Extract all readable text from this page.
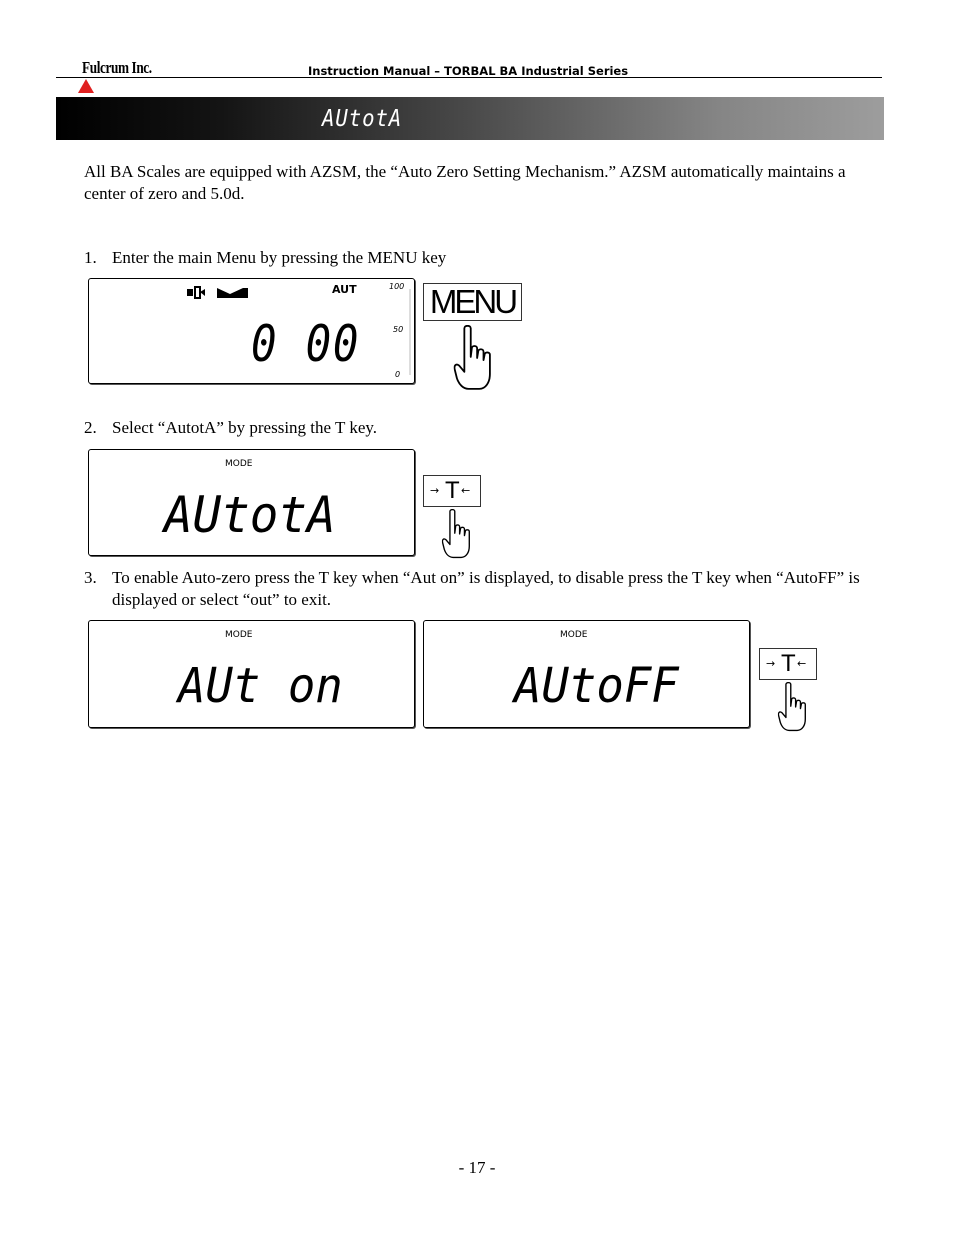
Fulcrum Inc.	Instruction Manual – TORBAL BA Industrial Series
AUtotA
All BA Scales are equipped with AZSM, the “Auto Zero Setting Mechanism.” AZSM automatically maintains a center of zero and 5.0d.
1. Enter the main Menu by pressing the MENU key
AUT	100
50
0
0 00
MENU
2. Select “AutotA” by pressing the T key.
MODE
AUtotA	→ T ←
3. To enable Auto-zero press the T key when “Aut on” is displayed, to disable press the T key when “AutoFF” is displayed or select “out” to exit.
MODE
AUt on
MODE
AUtoFF	→ T ←
- 17 -
